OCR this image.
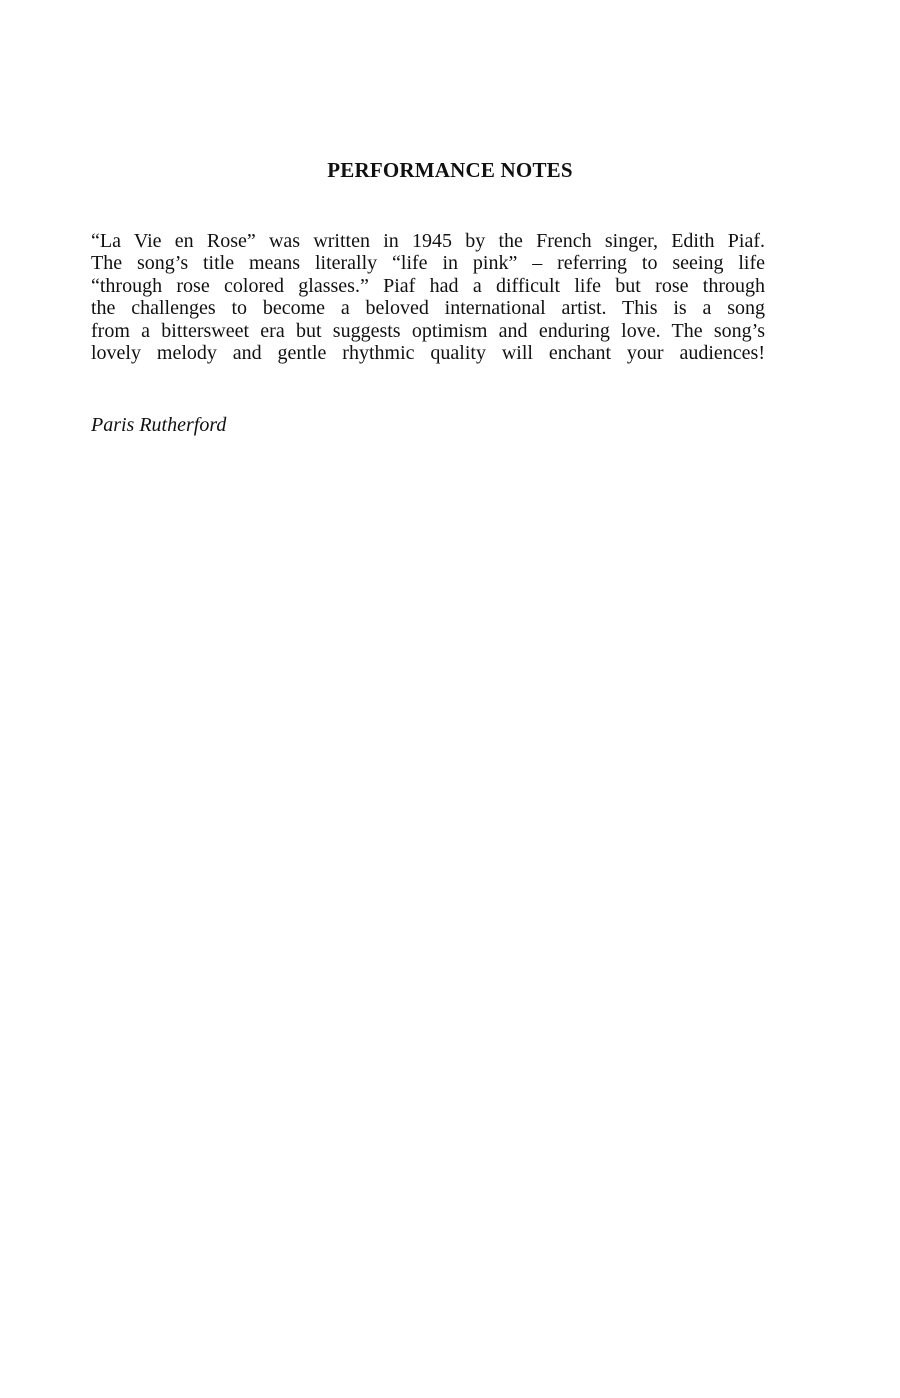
PERFORMANCE NOTES

“La Vie en Rose” was written in 1945 by the French singer, Edith Piaf.
The song’s title means literally “life in pink” – referring to seeing life
“through rose colored glasses.” Piaf had a difficult life but rose through
the challenges to become a beloved international artist. This is a song
from a bittersweet era but suggests optimism and enduring love. The song’s
lovely melody and gentle rhythmic quality will enchant your audiences!

Paris Rutherford
